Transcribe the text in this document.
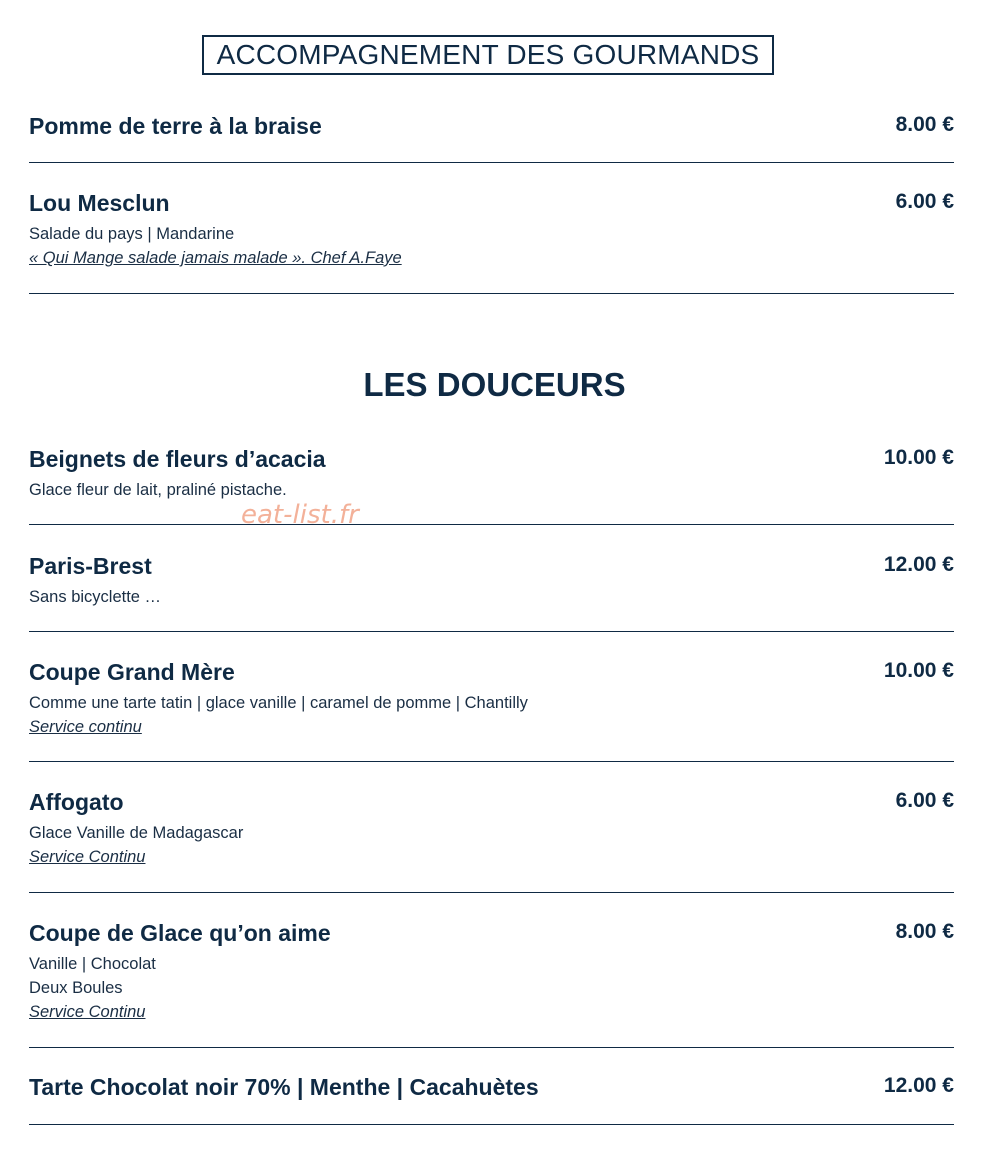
ACCOMPAGNEMENT DES GOURMANDS
Pomme de terre à la braise	8.00 €
Lou Mesclun	6.00 €
Salade du pays | Mandarine
« Qui Mange salade jamais malade ». Chef A.Faye
LES DOUCEURS
Beignets de fleurs d’acacia	10.00 €
Glace fleur de lait, praliné pistache.
Paris-Brest	12.00 €
Sans bicyclette …
Coupe Grand Mère	10.00 €
Comme une tarte tatin | glace vanille | caramel de pomme | Chantilly
Service continu
Affogato	6.00 €
Glace Vanille de Madagascar
Service Continu
Coupe de Glace qu’on aime	8.00 €
Vanille | Chocolat
Deux Boules
Service Continu
Tarte Chocolat noir 70% | Menthe | Cacahuètes	12.00 €
eat-list.fr
